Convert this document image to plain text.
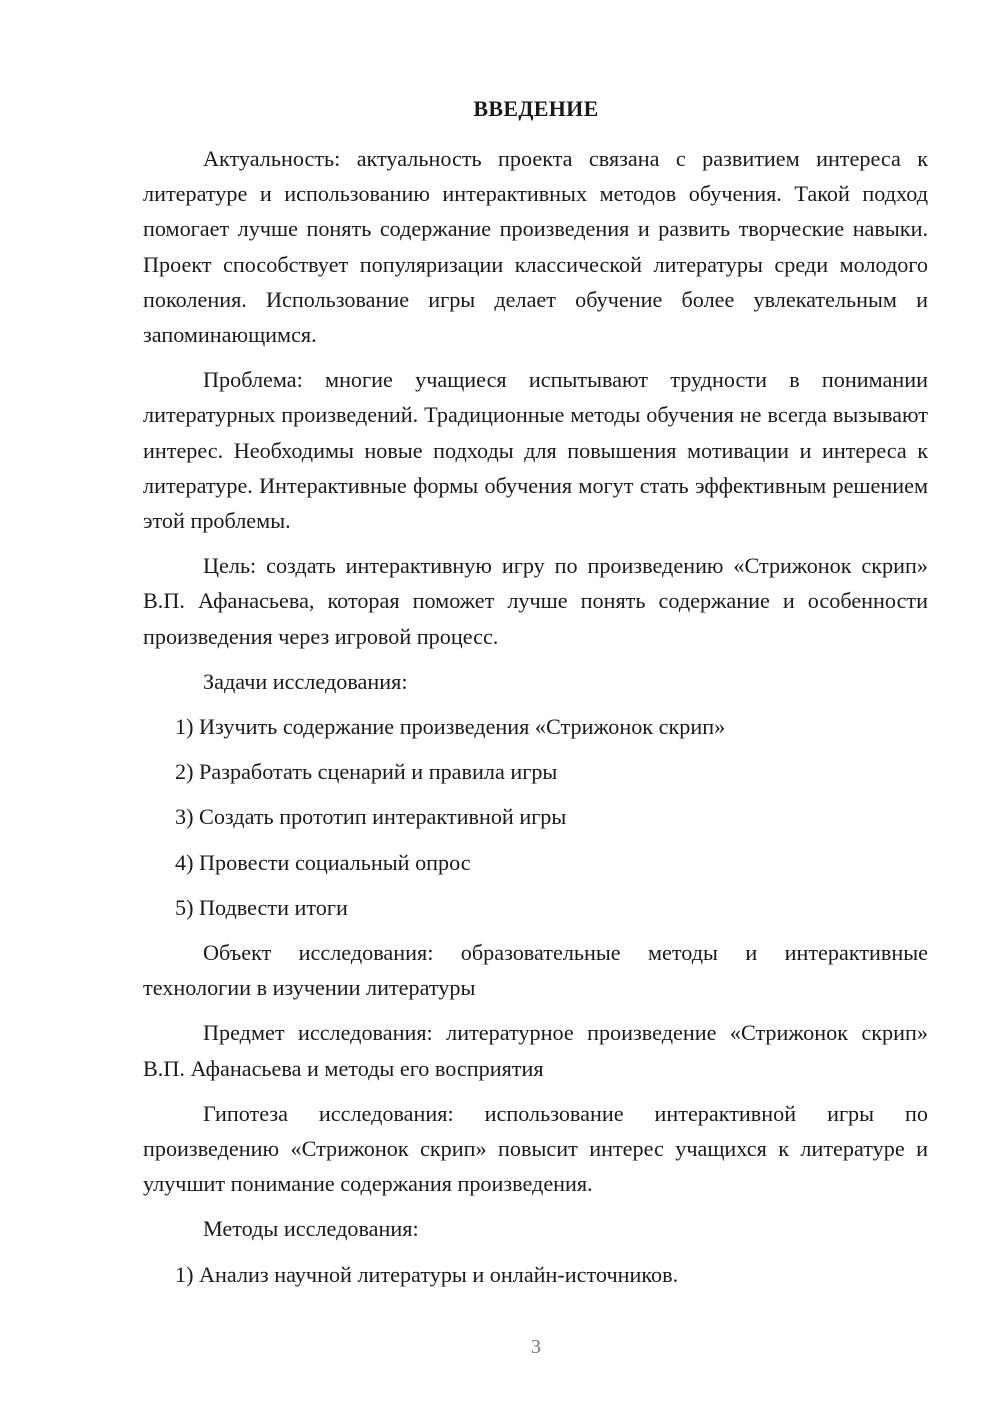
ВВЕДЕНИЕ

Актуальность: актуальность проекта связана с развитием интереса к литературе и использованию интерактивных методов обучения. Такой подход помогает лучше понять содержание произведения и развить творческие навыки. Проект способствует популяризации классической литературы среди молодого поколения. Использование игры делает обучение более увлекательным и запоминающимся.

Проблема: многие учащиеся испытывают трудности в понимании литературных произведений. Традиционные методы обучения не всегда вызывают интерес. Необходимы новые подходы для повышения мотивации и интереса к литературе. Интерактивные формы обучения могут стать эффективным решением этой проблемы.

Цель: создать интерактивную игру по произведению «Стрижонок скрип» В.П. Афанасьева, которая поможет лучше понять содержание и особенности произведения через игровой процесс.

Задачи исследования:

1) Изучить содержание произведения «Стрижонок скрип»

2) Разработать сценарий и правила игры

3) Создать прототип интерактивной игры

4) Провести социальный опрос

5) Подвести итоги

Объект исследования: образовательные методы и интерактивные технологии в изучении литературы

Предмет исследования: литературное произведение «Стрижонок скрип» В.П. Афанасьева и методы его восприятия

Гипотеза исследования: использование интерактивной игры по произведению «Стрижонок скрип» повысит интерес учащихся к литературе и улучшит понимание содержания произведения.

Методы исследования:

1) Анализ научной литературы и онлайн-источников.

3
